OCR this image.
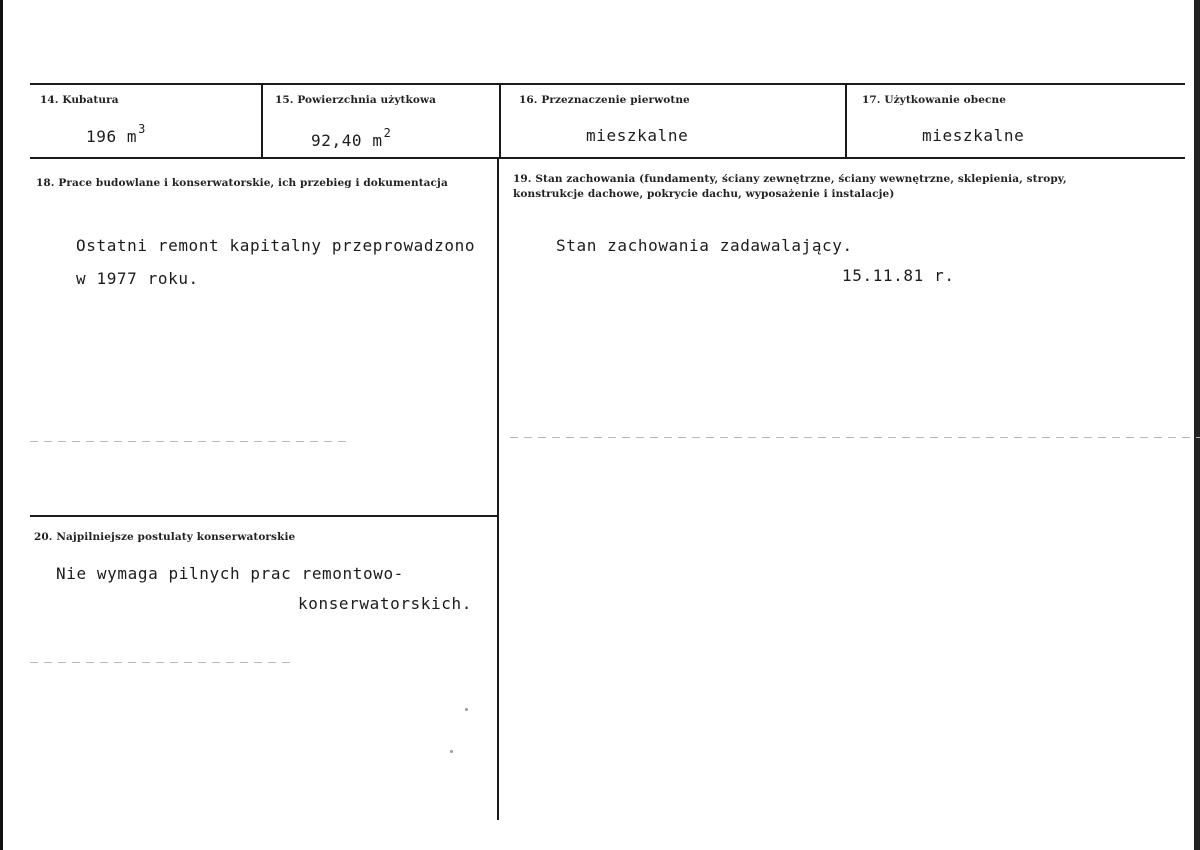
14. Kubatura
196 $m^3$
15. Powierzchnia użytkowa
92,40 $m^2$
16. Przeznaczenie pierwotne
mieszkalne
17. Użytkowanie obecne
mieszkalne
18. Prace budowlane i konserwatorskie, ich przebieg i dokumentacja
Ostatni remont kapitalny przeprowadzono
w 1977 roku.
19. Stan zachowania (fundamenty, ściany zewnętrzne, ściany wewnętrzne, sklepienia, stropy,
konstrukcje dachowe, pokrycie dachu, wyposażenie i instalacje)
Stan zachowania zadawalający.
15.11.81 r.
20. Najpilniejsze postulaty konserwatorskie
Nie wymaga pilnych prac remontowo-
konserwatorskich.
